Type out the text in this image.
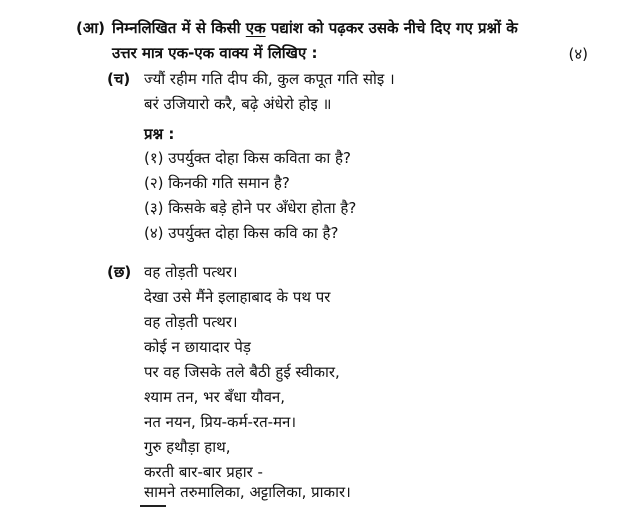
(आ) निम्नलिखित में से किसी एक पद्यांश को पढ़कर उसके नीचे दिए गए प्रश्नों के
उत्तर मात्र एक-एक वाक्य में लिखिए :	(४)
(च) ज्यौं रहीम गति दीप की, कुल कपूत गति सोइ ।
बरं उजियारो करै, बढ़े अंधेरो होइ ॥
प्रश्न :
(१) उपर्युक्त दोहा किस कविता का है?
(२) किनकी गति समान है?
(३) किसके बड़े होने पर अँधेरा होता है?
(४) उपर्युक्त दोहा किस कवि का है?
(छ) वह तोड़ती पत्थर।
देखा उसे मैंने इलाहाबाद के पथ पर
वह तोड़ती पत्थर।
कोई न छायादार पेड़
पर वह जिसके तले बैठी हुई स्वीकार,
श्याम तन, भर बँधा यौवन,
नत नयन, प्रिय-कर्म-रत-मन।
गुरु हथौड़ा हाथ,
करती बार-बार प्रहार -
सामने तरुमालिका, अट्टालिका, प्राकार।
